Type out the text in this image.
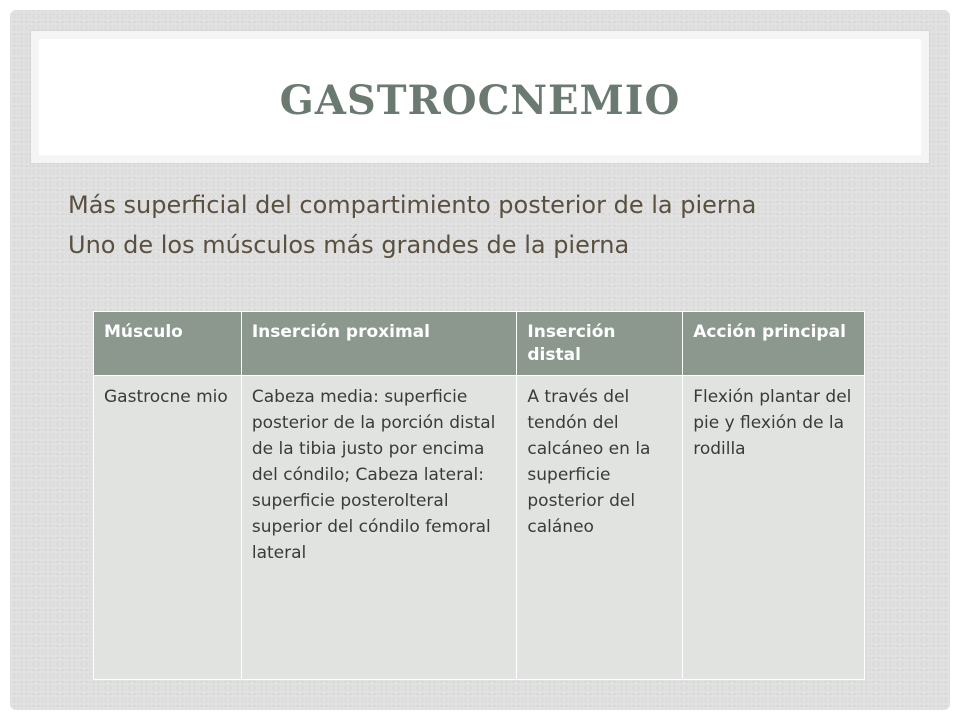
GASTROCNEMIO

Más superficial del compartimiento posterior de la pierna

Uno de los músculos más grandes de la pierna

Músculo	Inserción proximal	Inserción distal	Acción principal
Gastrocne mio	Cabeza media: superficie posterior de la porción distal de la tibia justo por encima del cóndilo; Cabeza lateral: superficie posterolteral superior del cóndilo femoral lateral	A través del tendón del calcáneo en la superficie posterior del caláneo	Flexión plantar del pie y flexión de la rodilla
